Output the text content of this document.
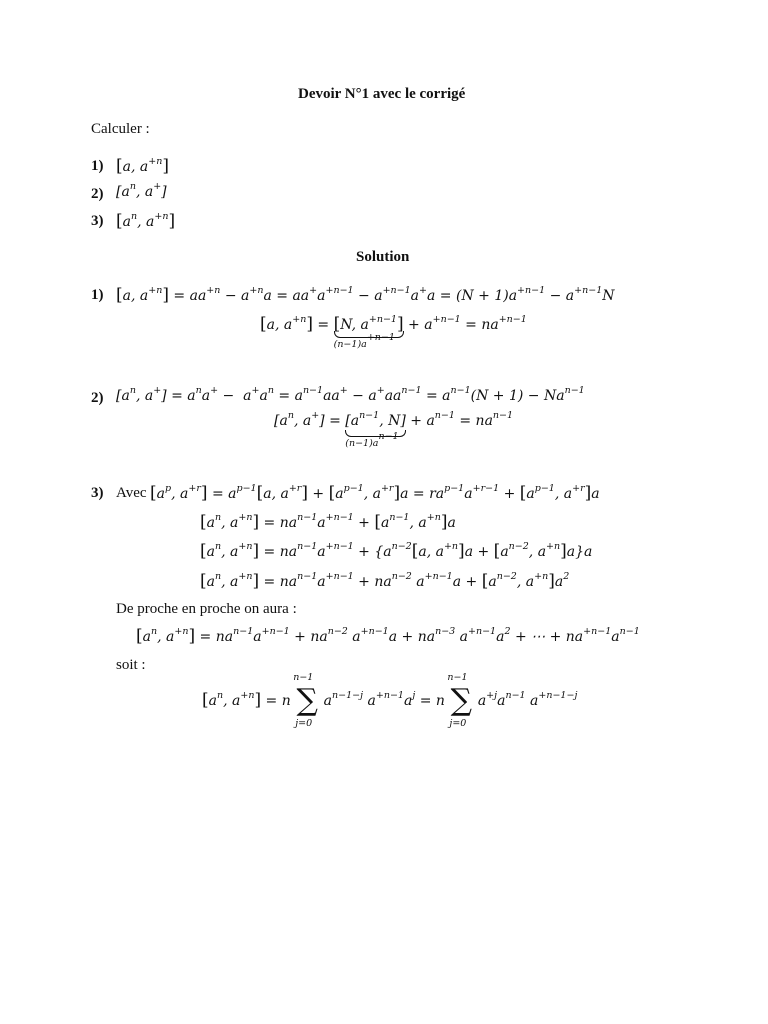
Devoir N°1 avec le corrigé
Calculer :
1) [a, $a^{+n}$]
2) [$a^n$, a+]
3) [$a^n$, $a^{+n}$]
Solution
1) [a, $a^{+n}] = aa^{+n} - a^{+n}a = aa^+a^{+n-1} - a^{+n-1}a^+a = (N + 1)a^{+n-1} - a^{+n-1}N$
[a, $a^{+n}] = [N$, $a^{+n-1}$]
$(n-1)a^{+n-1}$
+ $a^{+n-1} = na^{+n-1}$
2) [$a^n$, $a^+] = a^na^+ - a^+a^n = a^{n-1}aa^+ - a^+aa^{n-1} = a^{n-1}(N + 1) - Na^{n-1}$
[$a^n$, $a^+] = [a^{n-1}$, N]
$(n-1)a^{n-1}$
+ $a^{n-1} = na^{n-1}$
3) Avec [$a^p$, $a^{+r}] = a^{p-1}[a$, $a^{+r}] + [a^{p-1}$, $a^{+r}]a = ra^{p-1}a^{+r-1} + [a^{p-1}$, $a^{+r}]a$
[$a^n$, $a^{+n}] = na^{n-1}a^{+n-1} + [a^{n-1}$, $a^{+n}]a$
[$a^n$, $a^{+n}] = na^{n-1}a^{+n-1} + \{a^{n-2}[a$, $a^{+n}]a + [a^{n-2}$, $a^{+n}]a\}a$
[$a^n$, $a^{+n}] = na^{n-1}a^{+n-1} + na^{n-2}$ $a^{+n-1}a + [a^{n-2}$, $a^{+n}]a^2$
De proche en proche on aura :
[$a^n$, $a^{+n}] = na^{n-1}a^{+n-1} + na^{n-2}$ $a^{+n-1}a + na^{n-3}$ $a^{+n-1}a^2$ + ⋯ + $na^{+n-1}a^{n-1}$
soit :
[$a^n$, $a^{+n}] = n$
n−1
∑
j=0
$a^{n-1-j}$ $a^{+n-1}a^j = n$
n−1
∑
j=0
$a^{+j}a^{n-1}$ $a^{+n-1-j}$
